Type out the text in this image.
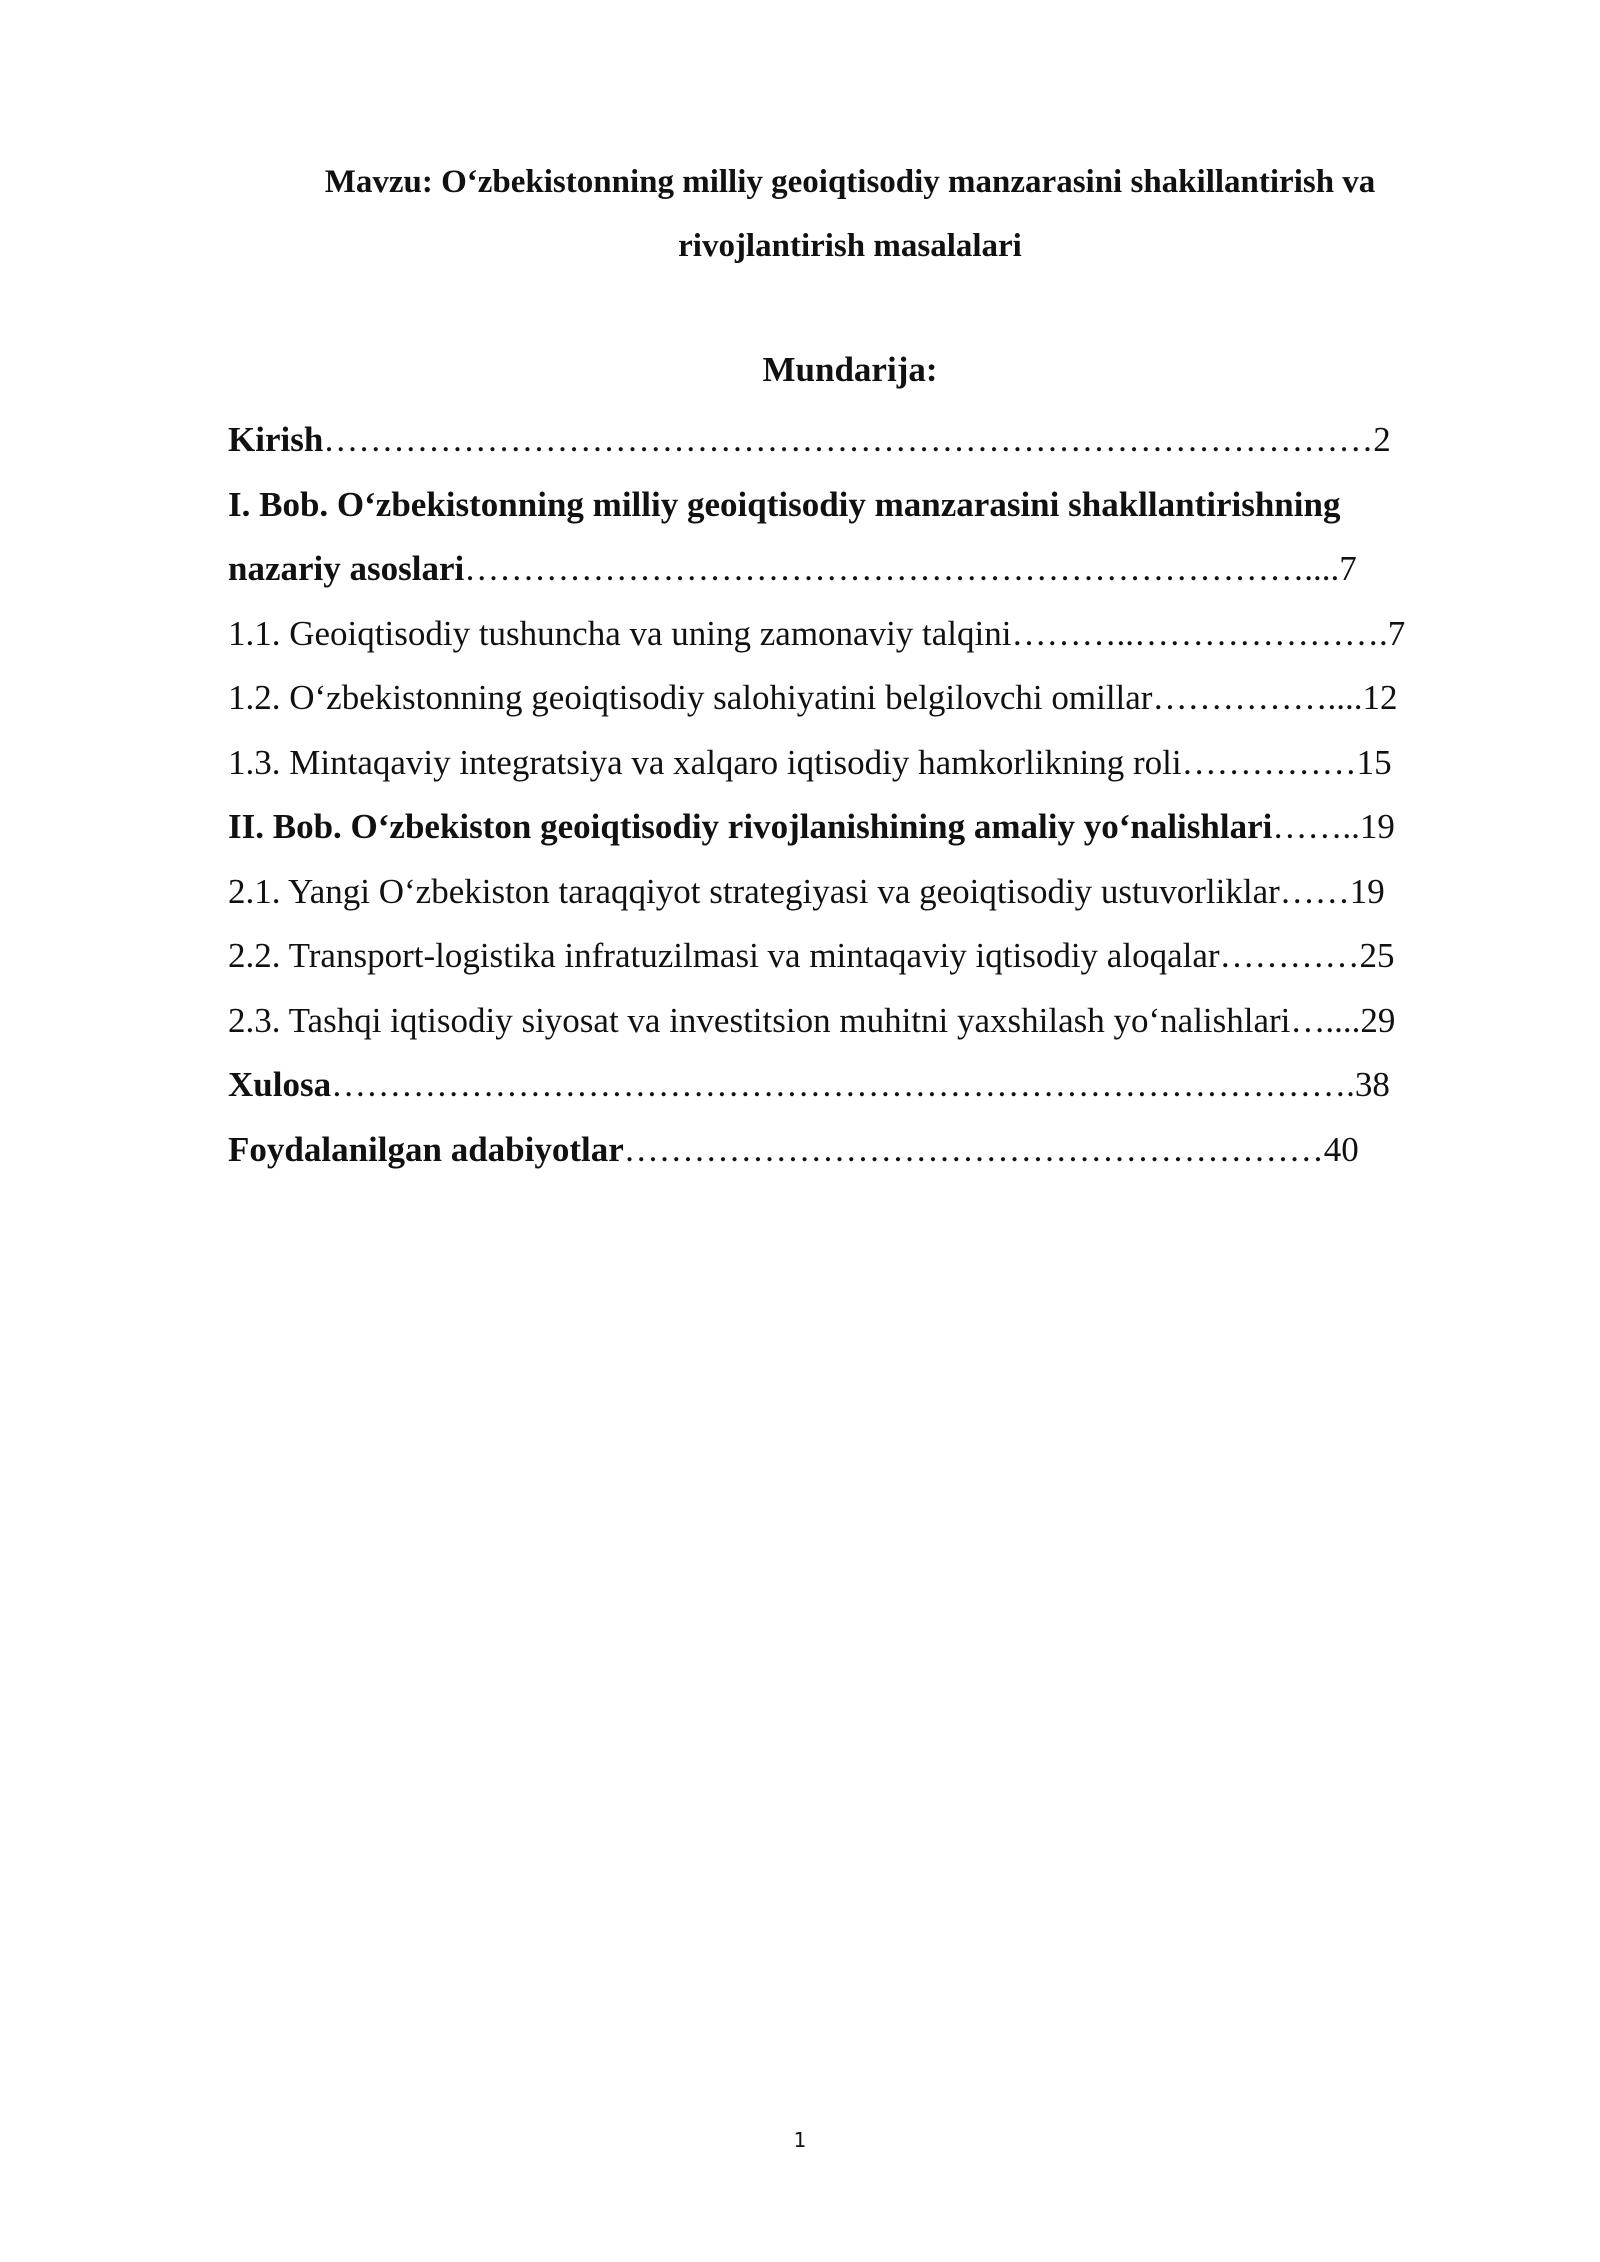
Mavzu: O‘zbekistonning milliy geoiqtisodiy manzarasini shakillantirish va
rivojlantirish masalalari
Mundarija:
Kirish………………………………………………………………………………2
I. Bob. O‘zbekistonning milliy geoiqtisodiy manzarasini shakllantirishning
nazariy asoslari………………………………………………………………....7
1.1. Geoiqtisodiy tushuncha va uning zamonaviy talqini………..………………….7
1.2. O‘zbekistonning geoiqtisodiy salohiyatini belgilovchi omillar……………....12
1.3. Mintaqaviy integratsiya va xalqaro iqtisodiy hamkorlikning roli……………15
II. Bob. O‘zbekiston geoiqtisodiy rivojlanishining amaliy yo‘nalishlari……..19
2.1. Yangi O‘zbekiston taraqqiyot strategiyasi va geoiqtisodiy ustuvorliklar……19
2.2. Transport-logistika infratuzilmasi va mintaqaviy iqtisodiy aloqalar…………25
2.3. Tashqi iqtisodiy siyosat va investitsion muhitni yaxshilash yo‘nalishlari…....29
Xulosa…………………………………………………………………………….38
Foydalanilgan adabiyotlar……………………………………………………40
1
